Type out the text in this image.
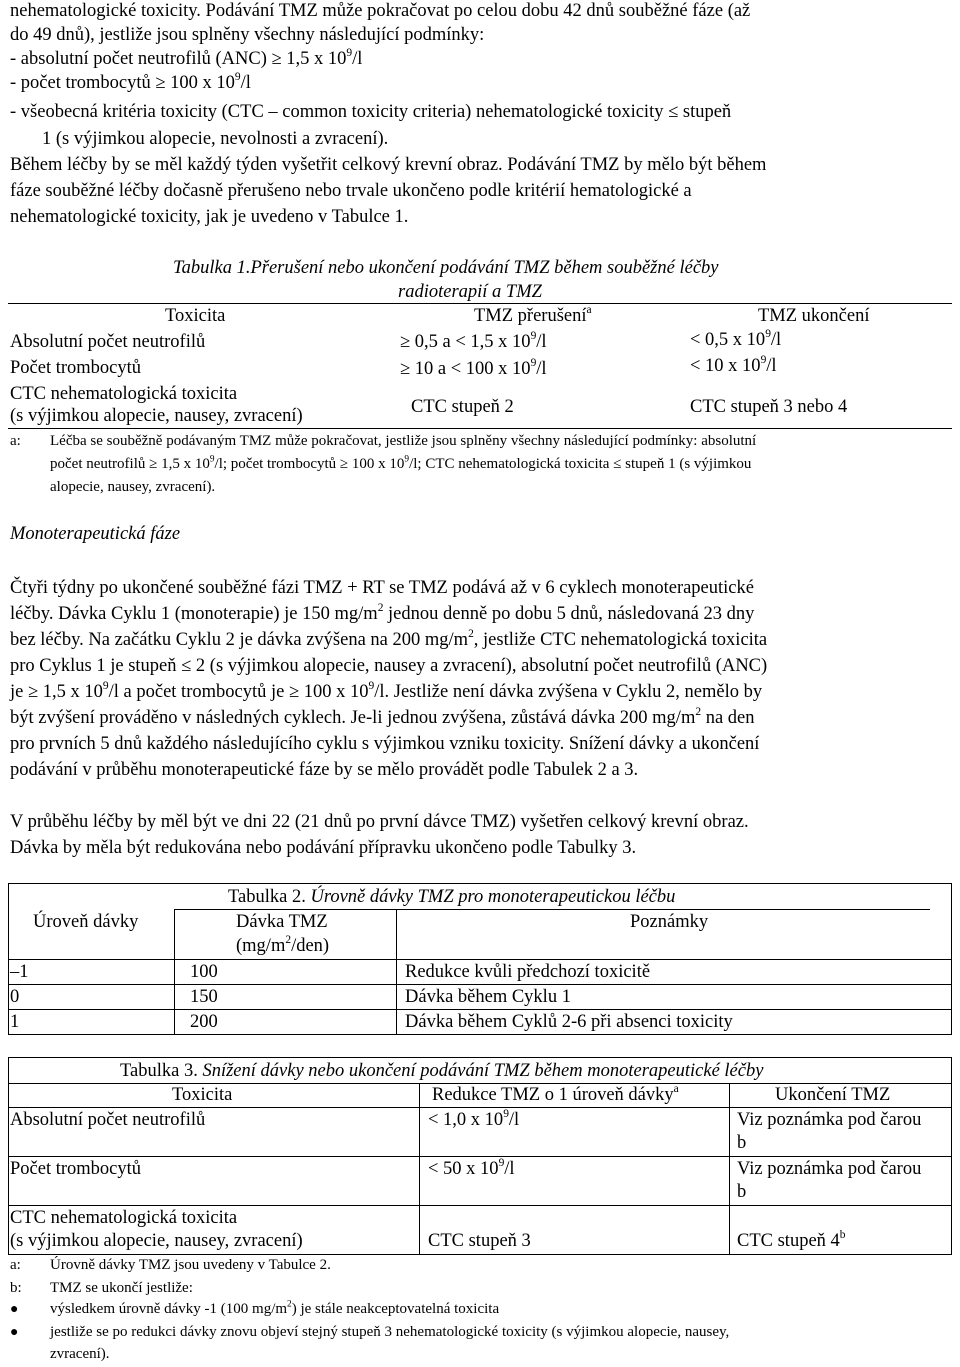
nehematologické toxicity. Podávání TMZ může pokračovat po celou dobu 42 dnů souběžné fáze (až
do 49 dnů), jestliže jsou splněny všechny následující podmínky:
- absolutní počet neutrofilů (ANC) ≥ 1,5 x $10^9/l$
- počet trombocytů ≥ 100 x $10^9/l$
- všeobecná kritéria toxicity (CTC – common toxicity criteria) nehematologické toxicity ≤ stupeň
1 (s výjimkou alopecie, nevolnosti a zvracení).
Během léčby by se měl každý týden vyšetřit celkový krevní obraz. Podávání TMZ by mělo být během
fáze souběžné léčby dočasně přerušeno nebo trvale ukončeno podle kritérií hematologické a
nehematologické toxicity, jak je uvedeno v Tabulce 1.
Tabulka 1.Přerušení nebo ukončení podávání TMZ během souběžné léčby
radioterapií a TMZ
Toxicita	TMZ přerušení$^a$	TMZ ukončení
Absolutní počet neutrofilů	≥ 0,5 a < 1,5 x $10^9/l$	< 0,5 x $10^9/l$
Počet trombocytů	≥ 10 a < 100 x $10^9/l$	< 10 x $10^9/l$
CTC nehematologická toxicita
(s výjimkou alopecie, nausey, zvracení)	CTC stupeň 2	CTC stupeň 3 nebo 4
a: Léčba se souběžně podávaným TMZ může pokračovat, jestliže jsou splněny všechny následující podmínky: absolutní
počet neutrofilů ≥ 1,5 x $10^9/l$; počet trombocytů ≥ 100 x $10^9/l$; CTC nehematologická toxicita ≤ stupeň 1 (s výjimkou
alopecie, nausey, zvracení).
Monoterapeutická fáze
Čtyři týdny po ukončené souběžné fázi TMZ + RT se TMZ podává až v 6 cyklech monoterapeutické
léčby. Dávka Cyklu 1 (monoterapie) je 150 $mg/m^2$ jednou denně po dobu 5 dnů, následovaná 23 dny
bez léčby. Na začátku Cyklu 2 je dávka zvýšena na 200 $mg/m^2$, jestliže CTC nehematologická toxicita
pro Cyklus 1 je stupeň ≤ 2 (s výjimkou alopecie, nausey a zvracení), absolutní počet neutrofilů (ANC)
je ≥ 1,5 x $10^9/l$ a počet trombocytů je ≥ 100 x $10^9/l$. Jestliže není dávka zvýšena v Cyklu 2, nemělo by
být zvýšení prováděno v následných cyklech. Je-li jednou zvýšena, zůstává dávka 200 $mg/m^2$ na den
pro prvních 5 dnů každého následujícího cyklu s výjimkou vzniku toxicity. Snížení dávky a ukončení
podávání v průběhu monoterapeutické fáze by se mělo provádět podle Tabulek 2 a 3.
V průběhu léčby by měl být ve dni 22 (21 dnů po první dávce TMZ) vyšetřen celkový krevní obraz.
Dávka by měla být redukována nebo podávání přípravku ukončeno podle Tabulky 3.
Tabulka 2. Úrovně dávky TMZ pro monoterapeutickou léčbu
Úroveň dávky	Dávka TMZ
$(mg/m^2/den)$
Poznámky
–1	100	Redukce kvůli předchozí toxicitě
0	150	Dávka během Cyklu 1
1	200	Dávka během Cyklů 2-6 při absenci toxicity
Tabulka 3. Snížení dávky nebo ukončení podávání TMZ během monoterapeutické léčby
Toxicita	Redukce TMZ o 1 úroveň dávky$^a$	Ukončení TMZ
Absolutní počet neutrofilů	< 1,0 x $10^9/l$	Viz poznámka pod čarou
b
Počet trombocytů	< 50 x $10^9/l$	Viz poznámka pod čarou
b
CTC nehematologická toxicita
(s výjimkou alopecie, nausey, zvracení)	CTC stupeň 3	CTC stupeň 4$^b$
a: Úrovně dávky TMZ jsou uvedeny v Tabulce 2.
b: TMZ se ukončí jestliže:
● výsledkem úrovně dávky -1 (100 $mg/m^2$) je stále neakceptovatelná toxicita
● jestliže se po redukci dávky znovu objeví stejný stupeň 3 nehematologické toxicity (s výjimkou alopecie, nausey,
zvracení).
